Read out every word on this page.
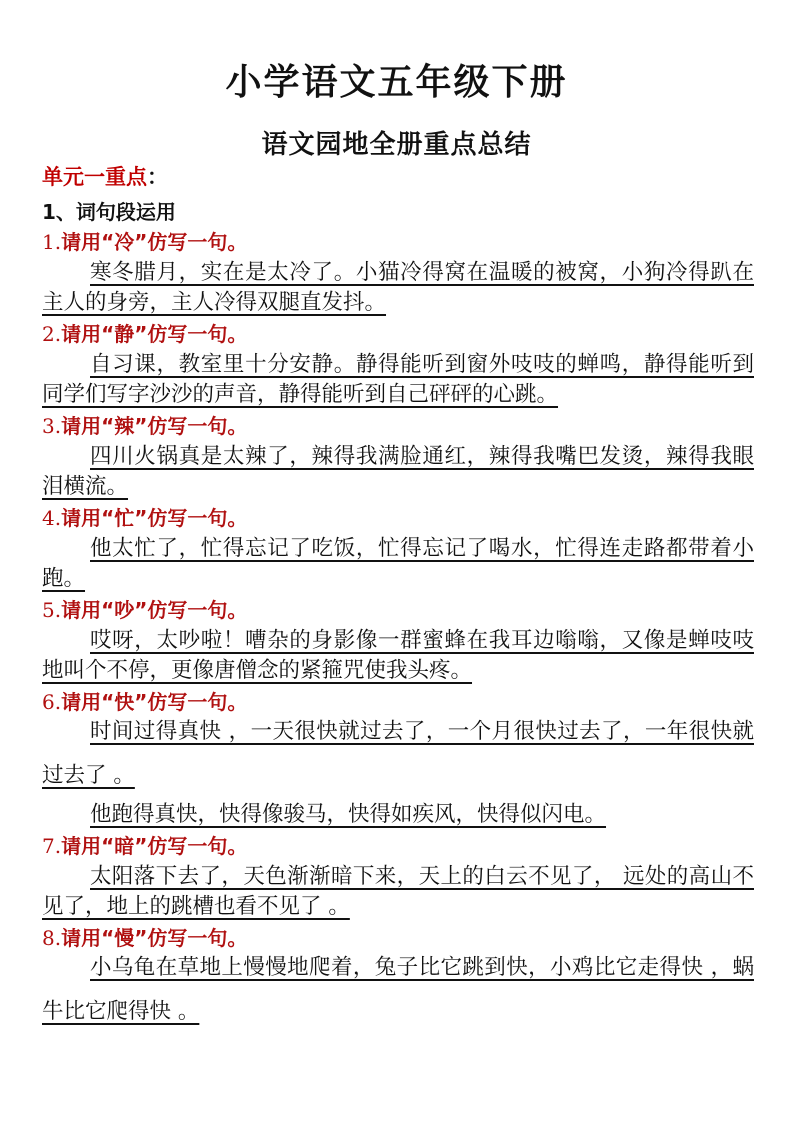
小学语文五年级下册
语文园地全册重点总结
单元一重点：
1、词句段运用
1.请用“冷”仿写一句。
寒冬腊月，实在是太冷了。小猫冷得窝在温暖的被窝，小狗冷得趴在主人的身旁，主人冷得双腿直发抖。
2.请用“静”仿写一句。
自习课，教室里十分安静。静得能听到窗外吱吱的蝉鸣，静得能听到同学们写字沙沙的声音，静得能听到自己砰砰的心跳。
3.请用“辣”仿写一句。
四川火锅真是太辣了，辣得我满脸通红，辣得我嘴巴发烫，辣得我眼泪横流。
4.请用“忙”仿写一句。
他太忙了，忙得忘记了吃饭，忙得忘记了喝水，忙得连走路都带着小跑。
5.请用“吵”仿写一句。
哎呀，太吵啦！嘈杂的身影像一群蜜蜂在我耳边嗡嗡，又像是蝉吱吱地叫个不停，更像唐僧念的紧箍咒使我头疼。
6.请用“快”仿写一句。
时间过得真快 ，一天很快就过去了，一个月很快过去了，一年很快就过去了 。
他跑得真快，快得像骏马，快得如疾风，快得似闪电。
7.请用“暗”仿写一句。
太阳落下去了，天色渐渐暗下来，天上的白云不见了， 远处的高山不见了，地上的跳槽也看不见了 。
8.请用“慢”仿写一句。
小乌龟在草地上慢慢地爬着，兔子比它跳到快，小鸡比它走得快 ，蜗牛比它爬得快 。
